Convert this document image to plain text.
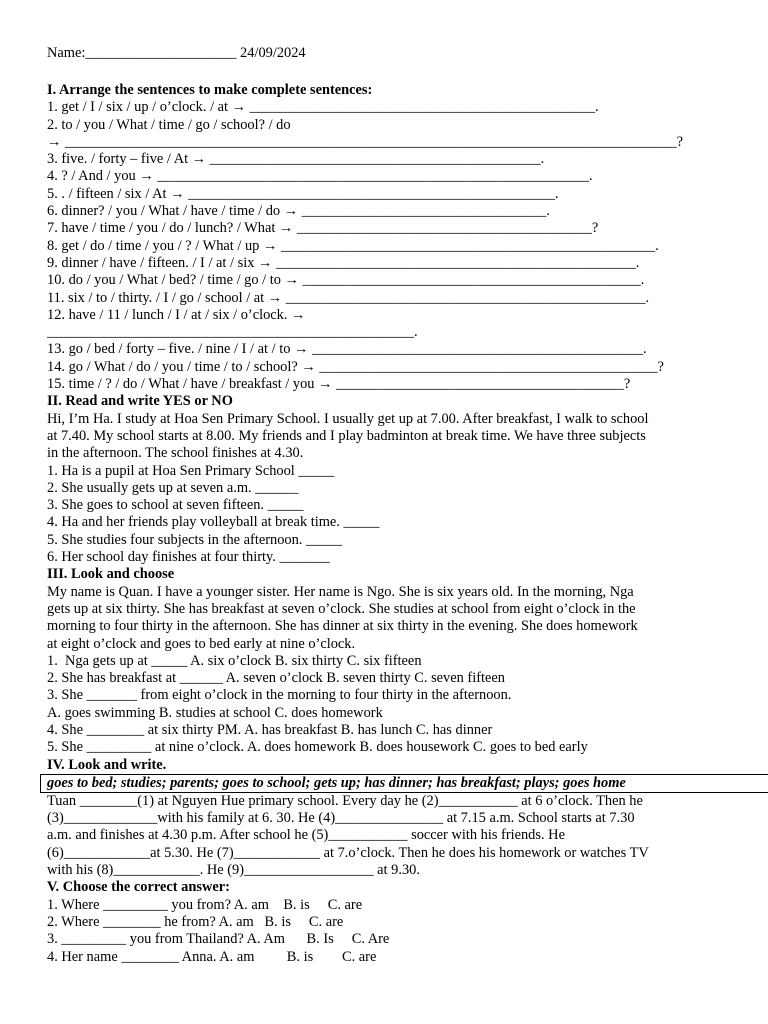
Name:_____________________ 24/09/2024
I. Arrange the sentences to make complete sentences:
1. get / I / six / up / o’clock. / at → ________________________________________________.
2. to / you / What / time / go / school? / do
→ _____________________________________________________________________________________?
3. five. / forty – five / At → ______________________________________________.
4. ? / And / you → ____________________________________________________________.
5. . / fifteen / six / At → ___________________________________________________.
6. dinner? / you / What / have / time / do → __________________________________.
7. have / time / you / do / lunch? / What → _________________________________________?
8. get / do / time / you / ? / What / up → ____________________________________________________.
9. dinner / have / fifteen. / I / at / six → __________________________________________________.
10. do / you / What / bed? / time / go / to → _______________________________________________.
11. six / to / thirty. / I / go / school / at → __________________________________________________.
12. have / 11 / lunch / I / at / six / o’clock. →
___________________________________________________.
13. go / bed / forty – five. / nine / I / at / to → ______________________________________________.
14. go / What / do / you / time / to / school? → _______________________________________________?
15. time / ? / do / What / have / breakfast / you → ________________________________________?
II. Read and write YES or NO
Hi, I’m Ha. I study at Hoa Sen Primary School. I usually get up at 7.00. After breakfast, I walk to school
at 7.40. My school starts at 8.00. My friends and I play badminton at break time. We have three subjects
in the afternoon. The school finishes at 4.30.
1. Ha is a pupil at Hoa Sen Primary School _____
2. She usually gets up at seven a.m. ______
3. She goes to school at seven fifteen. _____
4. Ha and her friends play volleyball at break time. _____
5. She studies four subjects in the afternoon. _____
6. Her school day finishes at four thirty. _______
III. Look and choose
My name is Quan. I have a younger sister. Her name is Ngo. She is six years old. In the morning, Nga
gets up at six thirty. She has breakfast at seven o’clock. She studies at school from eight o’clock in the
morning to four thirty in the afternoon. She has dinner at six thirty in the evening. She does homework
at eight o’clock and goes to bed early at nine o’clock.
1.  Nga gets up at _____ A. six o’clock B. six thirty C. six fifteen
2. She has breakfast at ______ A. seven o’clock B. seven thirty C. seven fifteen
3. She _______ from eight o’clock in the morning to four thirty in the afternoon.
A. goes swimming B. studies at school C. does homework
4. She ________ at six thirty PM. A. has breakfast B. has lunch C. has dinner
5. She _________ at nine o’clock. A. does homework B. does housework C. goes to bed early
IV. Look and write.
goes to bed; studies; parents; goes to school; gets up; has dinner; has breakfast; plays; goes home
Tuan ________(1) at Nguyen Hue primary school. Every day he (2)___________ at 6 o’clock. Then he
(3)_____________with his family at 6. 30. He (4)_______________ at 7.15 a.m. School starts at 7.30
a.m. and finishes at 4.30 p.m. After school he (5)___________ soccer with his friends. He
(6)____________at 5.30. He (7)____________ at 7.o’clock. Then he does his homework or watches TV
with his (8)____________. He (9)__________________ at 9.30.
V. Choose the correct answer:
1. Where _________ you from? A. am    B. is     C. are
2. Where ________ he from? A. am   B. is     C. are
3. _________ you from Thailand? A. Am      B. Is     C. Are
4. Her name ________ Anna. A. am         B. is        C. are
